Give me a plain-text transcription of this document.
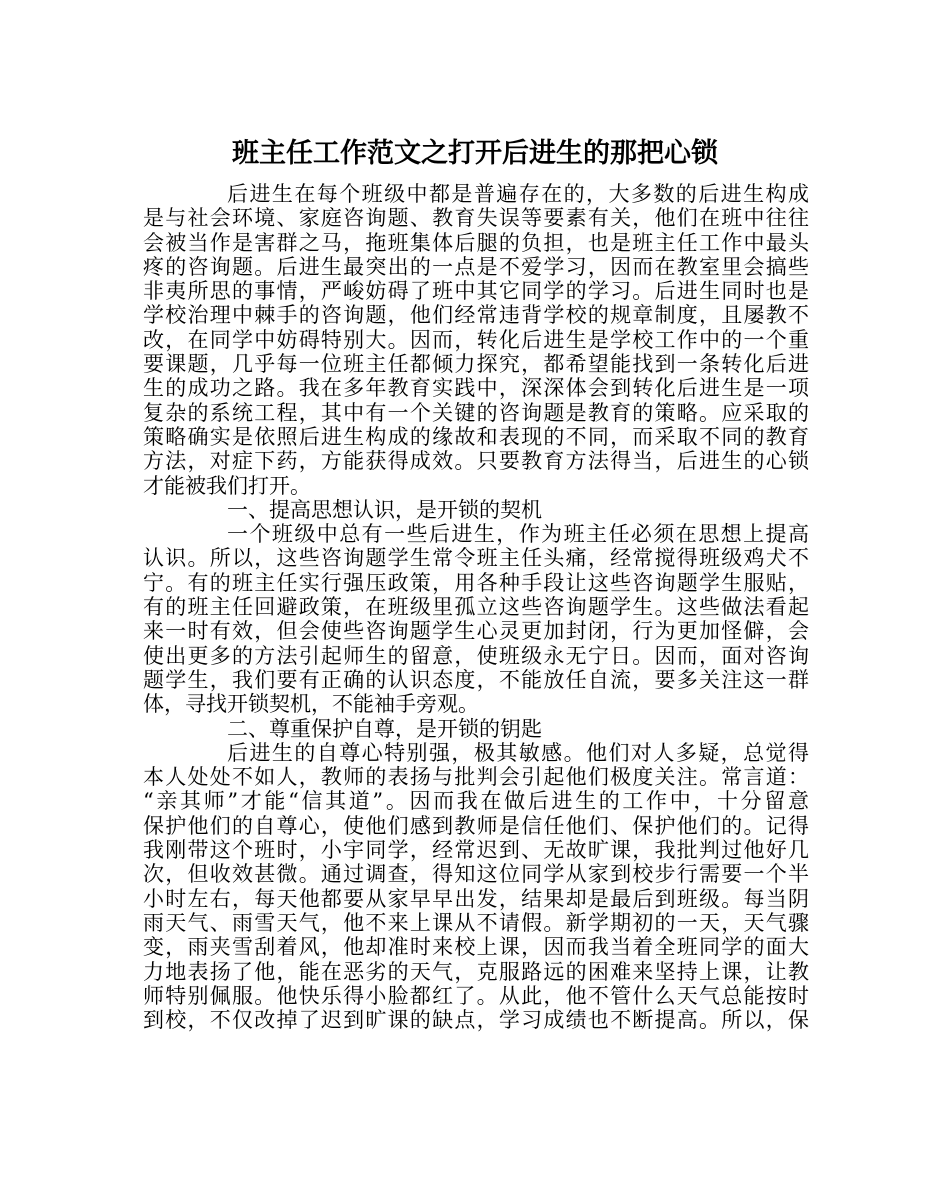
班主任工作范文之打开后进生的那把心锁
后进生在每个班级中都是普遍存在的，大多数的后进生构成
是与社会环境、家庭咨询题、教育失误等要素有关，他们在班中往往
会被当作是害群之马，拖班集体后腿的负担，也是班主任工作中最头
疼的咨询题。后进生最突出的一点是不爱学习，因而在教室里会搞些
非夷所思的事情，严峻妨碍了班中其它同学的学习。后进生同时也是
学校治理中棘手的咨询题，他们经常违背学校的规章制度，且屡教不
改，在同学中妨碍特别大。因而，转化后进生是学校工作中的一个重
要课题，几乎每一位班主任都倾力探究，都希望能找到一条转化后进
生的成功之路。我在多年教育实践中，深深体会到转化后进生是一项
复杂的系统工程，其中有一个关键的咨询题是教育的策略。应采取的
策略确实是依照后进生构成的缘故和表现的不同，而采取不同的教育
方法，对症下药，方能获得成效。只要教育方法得当，后进生的心锁
才能被我们打开。
一、提高思想认识，是开锁的契机
一个班级中总有一些后进生，作为班主任必须在思想上提高
认识。所以，这些咨询题学生常令班主任头痛，经常搅得班级鸡犬不
宁。有的班主任实行强压政策，用各种手段让这些咨询题学生服贴，
有的班主任回避政策，在班级里孤立这些咨询题学生。这些做法看起
来一时有效，但会使些咨询题学生心灵更加封闭，行为更加怪僻，会
使出更多的方法引起师生的留意，使班级永无宁日。因而，面对咨询
题学生，我们要有正确的认识态度，不能放任自流，要多关注这一群
体，寻找开锁契机，不能袖手旁观。
二、尊重保护自尊，是开锁的钥匙
后进生的自尊心特别强，极其敏感。他们对人多疑，总觉得
本人处处不如人，教师的表扬与批判会引起他们极度关注。常言道：
“亲其师”才能“信其道”。因而我在做后进生的工作中，十分留意
保护他们的自尊心，使他们感到教师是信任他们、保护他们的。记得
我刚带这个班时，小宇同学，经常迟到、无故旷课，我批判过他好几
次，但收效甚微。通过调查，得知这位同学从家到校步行需要一个半
小时左右，每天他都要从家早早出发，结果却是最后到班级。每当阴
雨天气、雨雪天气，他不来上课从不请假。新学期初的一天，天气骤
变，雨夹雪刮着风，他却准时来校上课，因而我当着全班同学的面大
力地表扬了他，能在恶劣的天气，克服路远的困难来坚持上课，让教
师特别佩服。他快乐得小脸都红了。从此，他不管什么天气总能按时
到校，不仅改掉了迟到旷课的缺点，学习成绩也不断提高。所以，保
